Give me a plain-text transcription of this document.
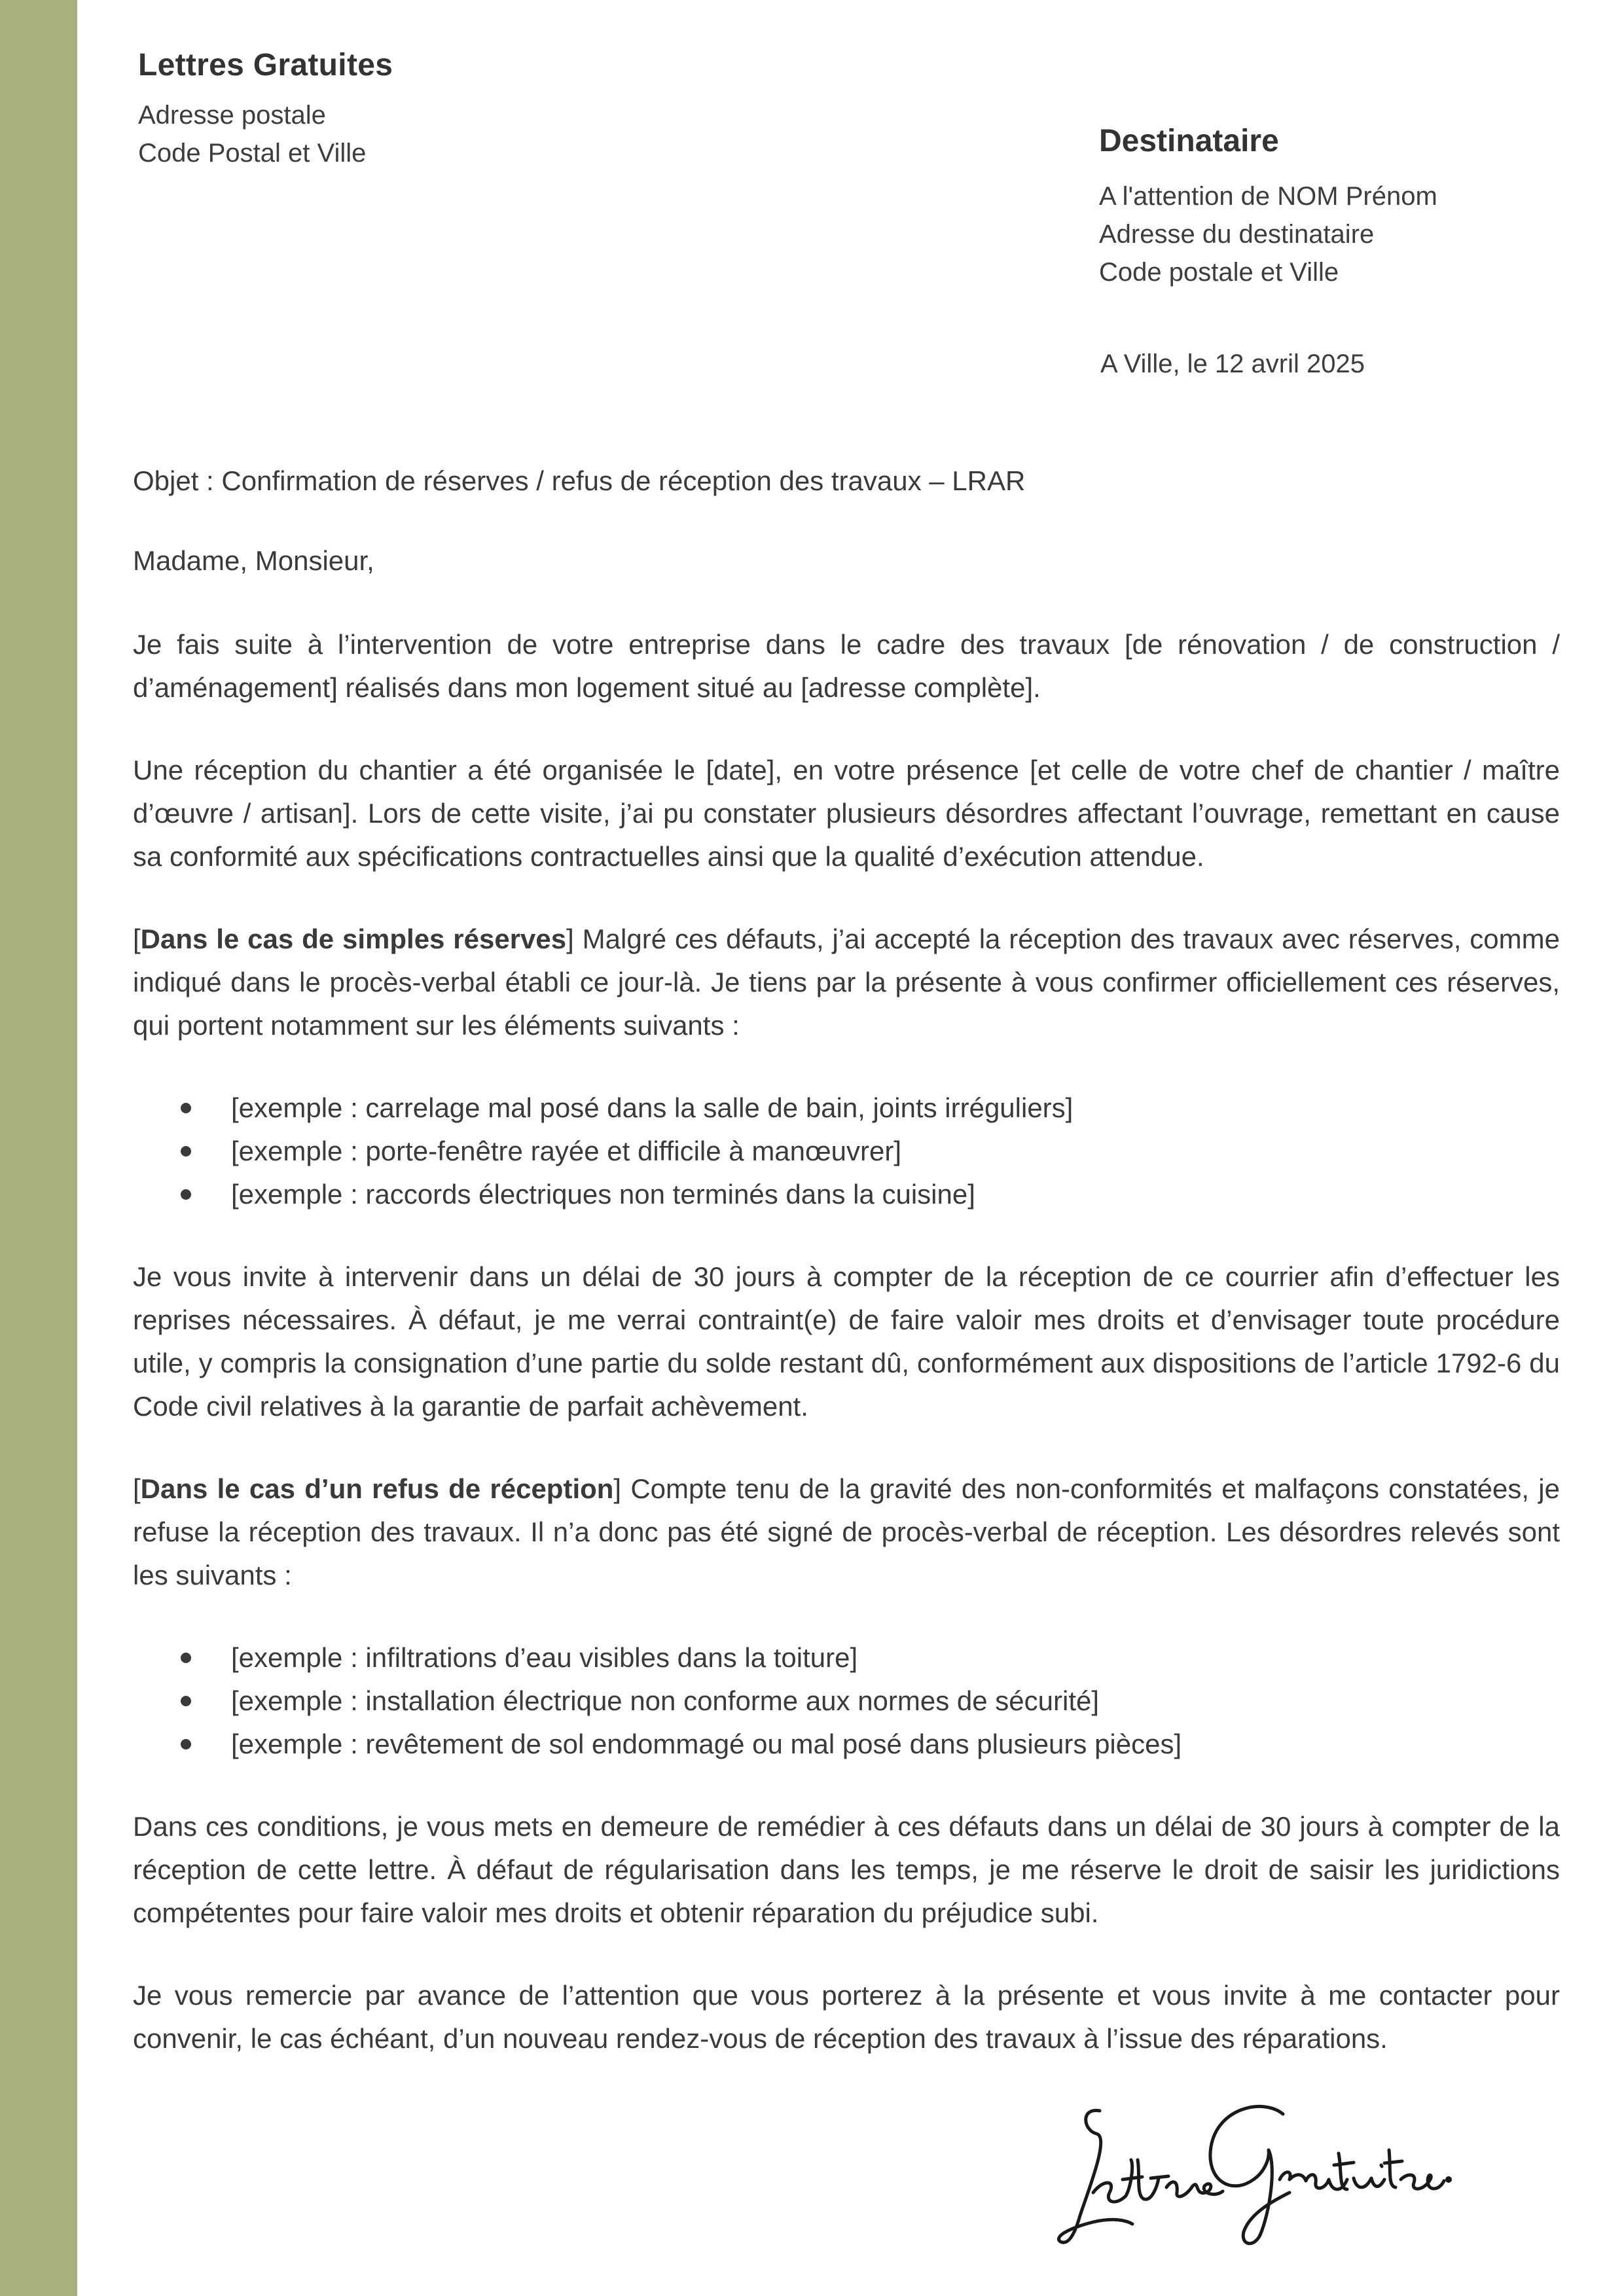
Lettres Gratuites
Adresse postale
Code Postal et Ville	Destinataire
A l'attention de NOM Prénom
Adresse du destinataire
Code postale et Ville
A Ville, le 12 avril 2025

Objet : Confirmation de réserves / refus de réception des travaux – LRAR

Madame, Monsieur,

Je fais suite à l’intervention de votre entreprise dans le cadre des travaux [de rénovation / de construction / d’aménagement] réalisés dans mon logement situé au [adresse complète].

Une réception du chantier a été organisée le [date], en votre présence [et celle de votre chef de chantier / maître d’œuvre / artisan]. Lors de cette visite, j’ai pu constater plusieurs désordres affectant l’ouvrage, remettant en cause sa conformité aux spécifications contractuelles ainsi que la qualité d’exécution attendue.

[Dans le cas de simples réserves] Malgré ces défauts, j’ai accepté la réception des travaux avec réserves, comme indiqué dans le procès-verbal établi ce jour-là. Je tiens par la présente à vous confirmer officiellement ces réserves, qui portent notamment sur les éléments suivants :

[exemple : carrelage mal posé dans la salle de bain, joints irréguliers]
[exemple : porte-fenêtre rayée et difficile à manœuvrer]
[exemple : raccords électriques non terminés dans la cuisine]

Je vous invite à intervenir dans un délai de 30 jours à compter de la réception de ce courrier afin d’effectuer les reprises nécessaires. À défaut, je me verrai contraint(e) de faire valoir mes droits et d’envisager toute procédure utile, y compris la consignation d’une partie du solde restant dû, conformément aux dispositions de l’article 1792-6 du Code civil relatives à la garantie de parfait achèvement.

[Dans le cas d’un refus de réception] Compte tenu de la gravité des non-conformités et malfaçons constatées, je refuse la réception des travaux. Il n’a donc pas été signé de procès-verbal de réception. Les désordres relevés sont les suivants :

[exemple : infiltrations d’eau visibles dans la toiture]
[exemple : installation électrique non conforme aux normes de sécurité]
[exemple : revêtement de sol endommagé ou mal posé dans plusieurs pièces]

Dans ces conditions, je vous mets en demeure de remédier à ces défauts dans un délai de 30 jours à compter de la réception de cette lettre. À défaut de régularisation dans les temps, je me réserve le droit de saisir les juridictions compétentes pour faire valoir mes droits et obtenir réparation du préjudice subi.

Je vous remercie par avance de l’attention que vous porterez à la présente et vous invite à me contacter pour convenir, le cas échéant, d’un nouveau rendez-vous de réception des travaux à l’issue des réparations.
